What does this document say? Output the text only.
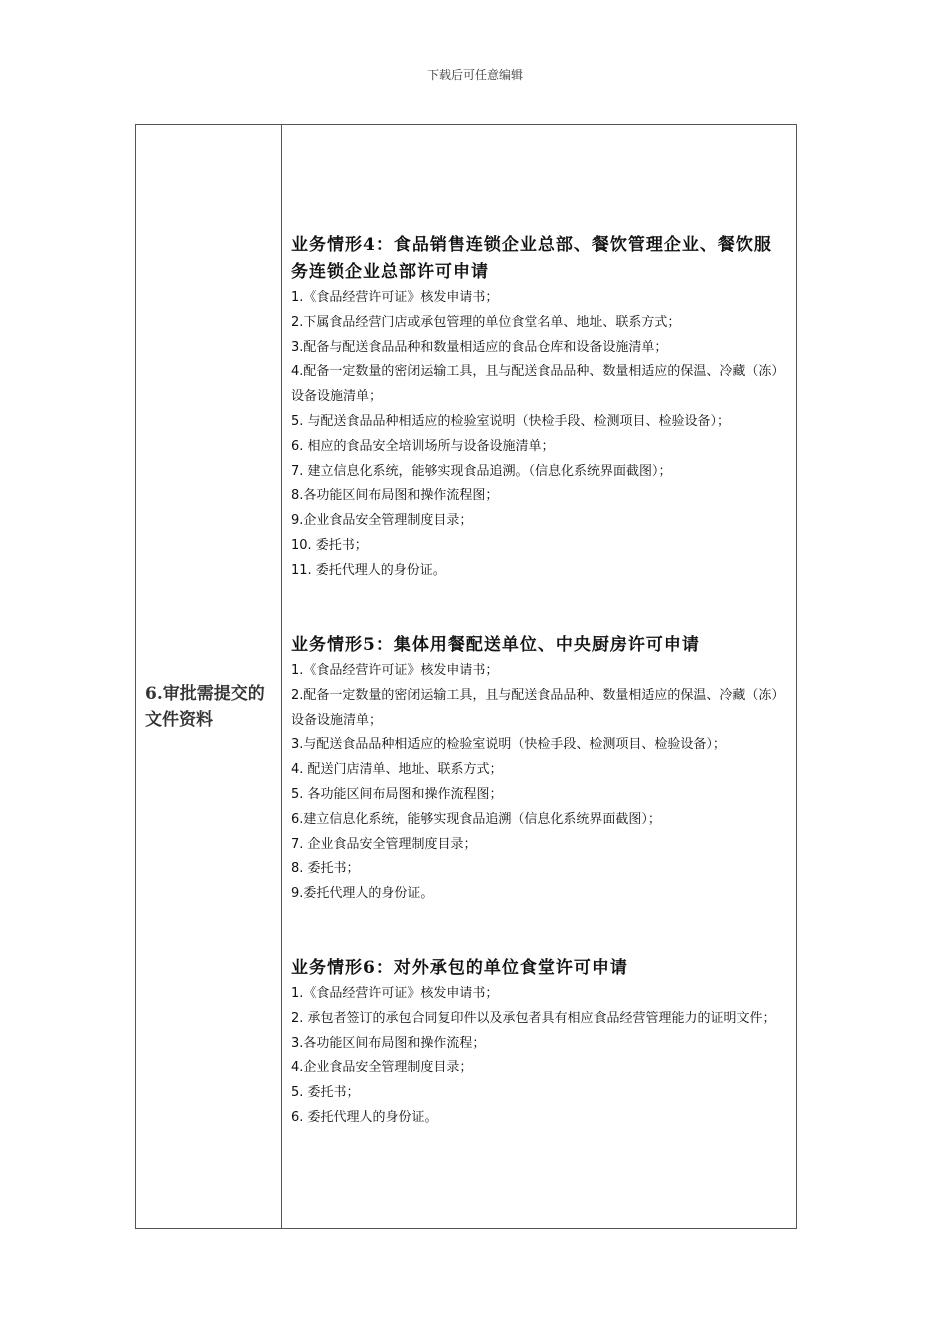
下载后可任意编辑
6.审批需提交的文件资料
业务情形4：食品销售连锁企业总部、餐饮管理企业、餐饮服务连锁企业总部许可申请
1.《食品经营许可证》核发申请书；
2.下属食品经营门店或承包管理的单位食堂名单、地址、联系方式；
3.配备与配送食品品种和数量相适应的食品仓库和设备设施清单；
4.配备一定数量的密闭运输工具，且与配送食品品种、数量相适应的保温、冷藏（冻）设备设施清单；
5. 与配送食品品种相适应的检验室说明（快检手段、检测项目、检验设备）；
6. 相应的食品安全培训场所与设备设施清单；
7. 建立信息化系统，能够实现食品追溯。（信息化系统界面截图）；
8.各功能区间布局图和操作流程图；
9.企业食品安全管理制度目录；
10. 委托书；
11. 委托代理人的身份证。
业务情形5：集体用餐配送单位、中央厨房许可申请
1.《食品经营许可证》核发申请书；
2.配备一定数量的密闭运输工具，且与配送食品品种、数量相适应的保温、冷藏（冻）设备设施清单；
3.与配送食品品种相适应的检验室说明（快检手段、检测项目、检验设备）；
4. 配送门店清单、地址、联系方式；
5. 各功能区间布局图和操作流程图；
6.建立信息化系统，能够实现食品追溯（信息化系统界面截图）；
7. 企业食品安全管理制度目录；
8. 委托书；
9.委托代理人的身份证。
业务情形6：对外承包的单位食堂许可申请
1.《食品经营许可证》核发申请书；
2. 承包者签订的承包合同复印件以及承包者具有相应食品经营管理能力的证明文件；
3.各功能区间布局图和操作流程；
4.企业食品安全管理制度目录；
5. 委托书；
6. 委托代理人的身份证。
